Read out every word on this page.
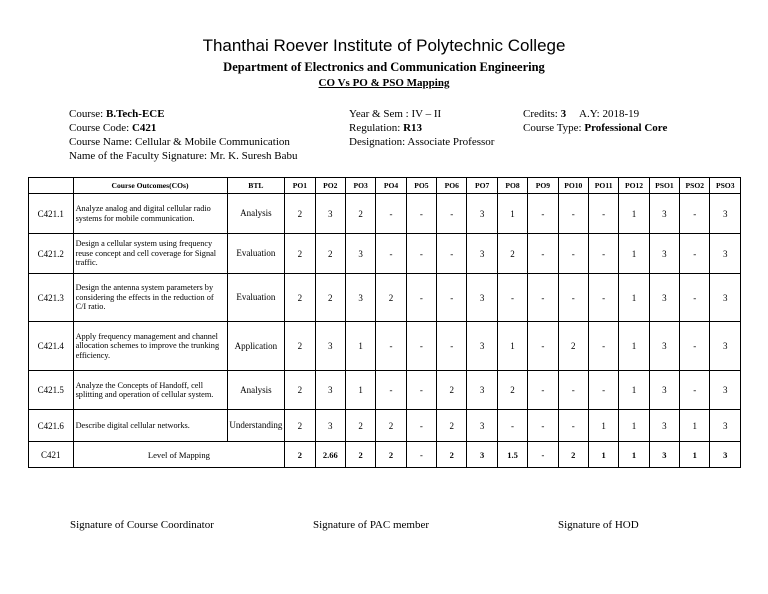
Thanthai Roever Institute of Polytechnic College
Department of Electronics and Communication Engineering
CO Vs PO & PSO Mapping
Course: B.Tech-ECE
Course Code: C421
Course Name: Cellular & Mobile Communication
Name of the Faculty Signature: Mr. K. Suresh Babu
Year & Sem : IV – II
Regulation: R13
Designation: Associate Professor
Credits: 3 A.Y: 2018-19
Course Type: Professional Core
	Course Outcomes(COs)	BTL	PO1	PO2	PO3	PO4	PO5	PO6	PO7	PO8	PO9	PO10	PO11	PO12	PSO1	PSO2	PSO3
C421.1	Analyze analog and digital cellular radio systems for mobile communication.	Analysis	2	3	2	-	-	-	3	1	-	-	-	1	3	-	3
C421.2	Design a cellular system using frequency reuse concept and cell coverage for Signal traffic.	Evaluation	2	2	3	-	-	-	3	2	-	-	-	1	3	-	3
C421.3	Design the antenna system parameters by considering the effects in the reduction of C/I ratio.	Evaluation	2	2	3	2	-	-	3	-	-	-	-	1	3	-	3
C421.4	Apply frequency management and channel allocation schemes to improve the trunking efficiency.	Application	2	3	1	-	-	-	3	1	-	2	-	1	3	-	3
C421.5	Analyze the Concepts of Handoff, cell splitting and operation of cellular system.	Analysis	2	3	1	-	-	2	3	2	-	-	-	1	3	-	3
C421.6	Describe digital cellular networks.	Understanding	2	3	2	2	-	2	3	-	-	-	1	1	3	1	3
C421	Level of Mapping		2	2.66	2	2	-	2	3	1.5	-	2	1	1	3	1	3
Signature of Course Coordinator	Signature of PAC member	Signature of HOD
